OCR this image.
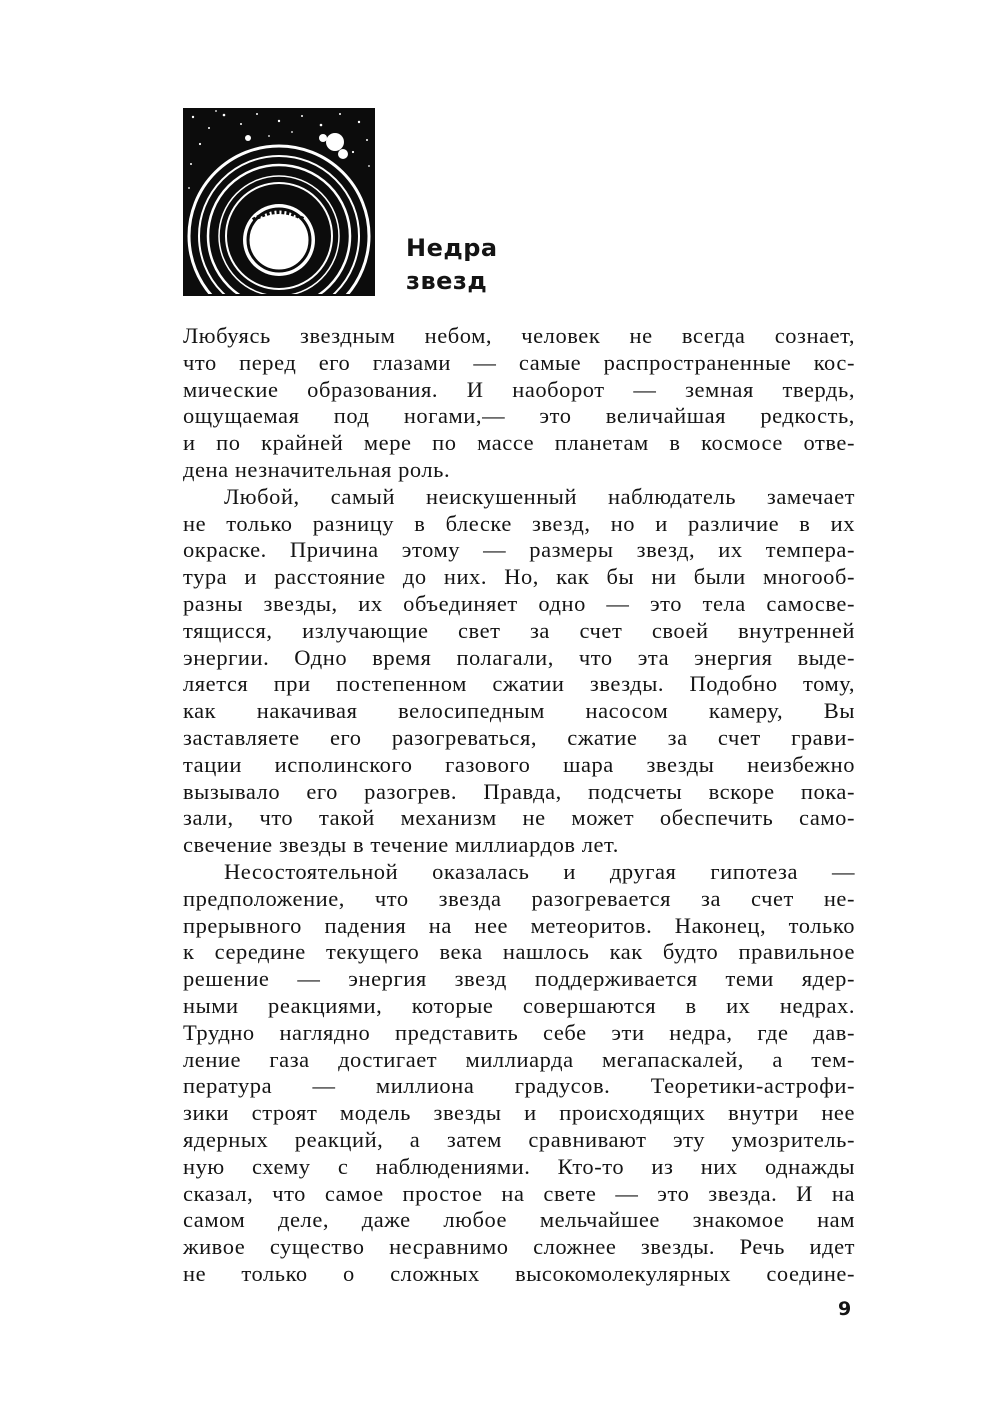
Недра
звезд
Любуясь звездным небом, человек не всегда сознает,
что перед его глазами — самые распространенные кос-
мические образования. И наоборот — земная твердь,
ощущаемая под ногами,— это величайшая редкость,
и по крайней мере по массе планетам в космосе отве-
дена незначительная роль.
Любой, самый неискушенный наблюдатель замечает
не только разницу в блеске звезд, но и различие в их
окраске. Причина этому — размеры звезд, их темпера-
тура и расстояние до них. Но, как бы ни были многооб-
разны звезды, их объединяет одно — это тела самосве-
тящисся, излучающие свет за счет своей внутренней
энергии. Одно время полагали, что эта энергия выде-
ляется при постепенном сжатии звезды. Подобно тому,
как накачивая велосипедным насосом камеру, Вы
заставляете его разогреваться, сжатие за счет грави-
тации исполинского газового шара звезды неизбежно
вызывало его разогрев. Правда, подсчеты вскоре пока-
зали, что такой механизм не может обеспечить само-
свечение звезды в течение миллиардов лет.
Несостоятельной оказалась и другая гипотеза —
предположение, что звезда разогревается за счет не-
прерывного падения на нее метеоритов. Наконец, только
к середине текущего века нашлось как будто правильное
решение — энергия звезд поддерживается теми ядер-
ными реакциями, которые совершаются в их недрах.
Трудно наглядно представить себе эти недра, где дав-
ление газа достигает миллиарда мегапаскалей, а тем-
пература — миллиона градусов. Теоретики-астрофи-
зики строят модель звезды и происходящих внутри нее
ядерных реакций, а затем сравнивают эту умозритель-
ную схему с наблюдениями. Кто-то из них однажды
сказал, что самое простое на свете — это звезда. И на
самом деле, даже любое мельчайшее знакомое нам
живое существо несравнимо сложнее звезды. Речь идет
не только о сложных высокомолекулярных соедине-
9
